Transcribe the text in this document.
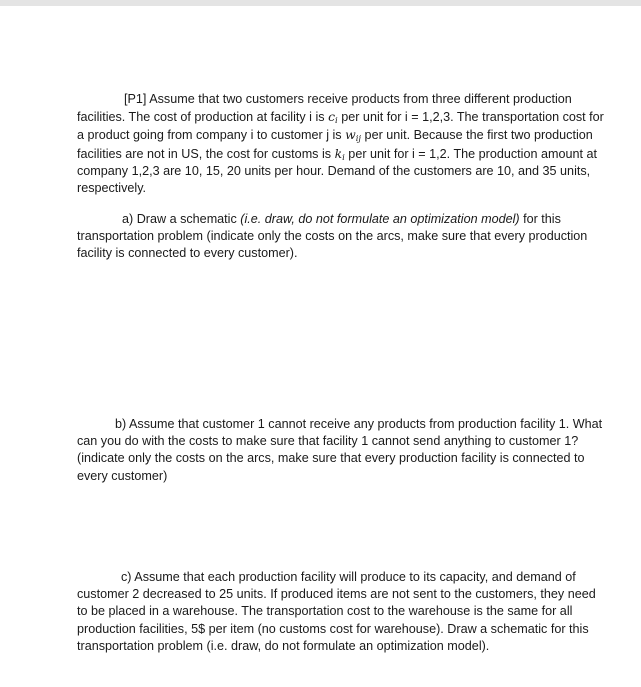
[P1] Assume that two customers receive products from three different production
facilities. The cost of production at facility i is $c_i$ per unit for i = 1,2,3. The transportation cost for
a product going from company i to customer j is $w_{ij}$ per unit. Because the first two production
facilities are not in US, the cost for customs is $k_i$ per unit for i = 1,2. The production amount at
company 1,2,3 are 10, 15, 20 units per hour. Demand of the customers are 10, and 35 units,
respectively.
a) Draw a schematic (i.e. draw, do not formulate an optimization model) for this
transportation problem (indicate only the costs on the arcs, make sure that every production
facility is connected to every customer).
b) Assume that customer 1 cannot receive any products from production facility 1. What
can you do with the costs to make sure that facility 1 cannot send anything to customer 1?
(indicate only the costs on the arcs, make sure that every production facility is connected to
every customer)
c) Assume that each production facility will produce to its capacity, and demand of
customer 2 decreased to 25 units. If produced items are not sent to the customers, they need
to be placed in a warehouse. The transportation cost to the warehouse is the same for all
production facilities, 5$ per item (no customs cost for warehouse). Draw a schematic for this
transportation problem (i.e. draw, do not formulate an optimization model).
